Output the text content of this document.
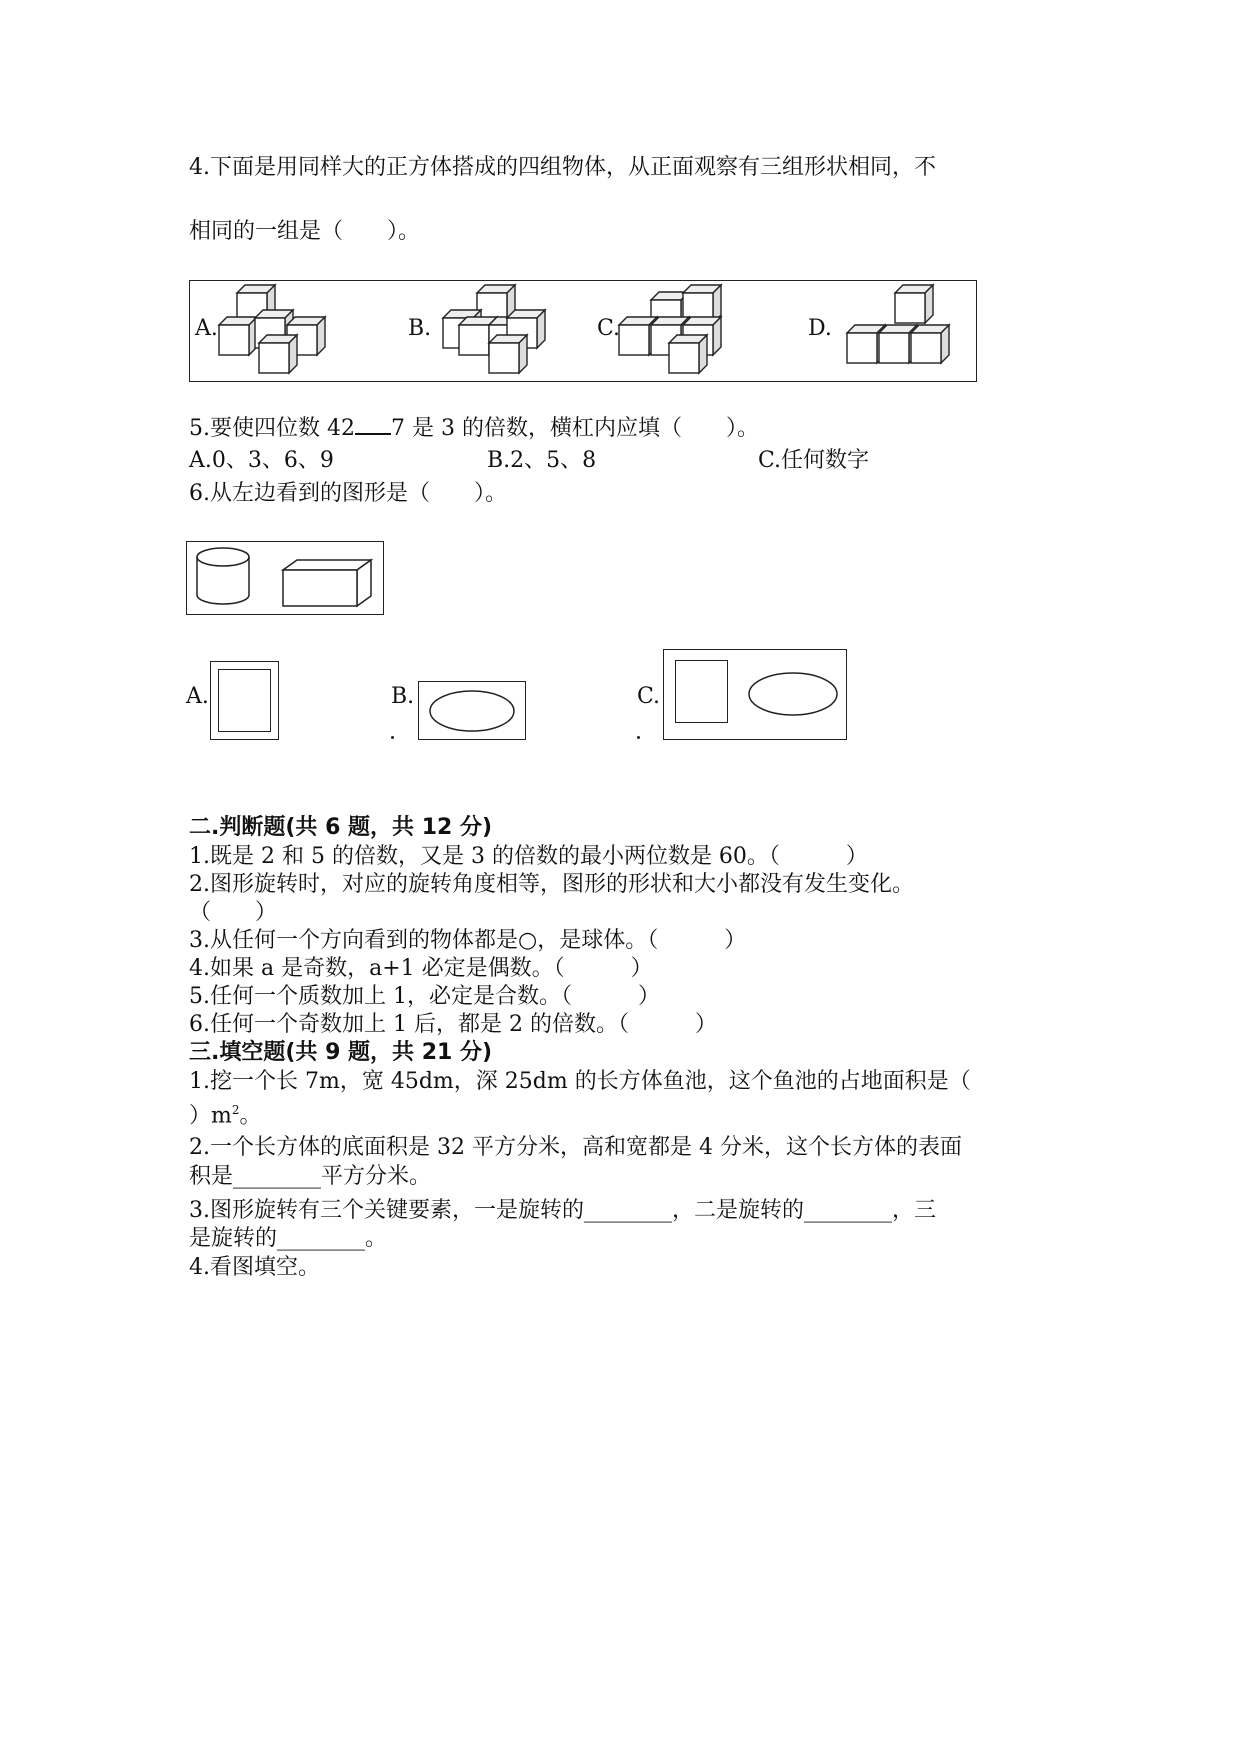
4.下面是用同样大的正方体搭成的四组物体，从正面观察有三组形状相同，不
相同的一组是（　　）。
A.	B.	C.	D.
5.要使四位数 42 7 是 3 的倍数，横杠内应填（　　）。
A.0、3、6、9	B.2、5、8	C.任何数字
6.从左边看到的图形是（　　）。
A.	B.	C.
二.判断题(共 6 题，共 12 分)
1.既是 2 和 5 的倍数，又是 3 的倍数的最小两位数是 60。（　　　）
2.图形旋转时，对应的旋转角度相等，图形的形状和大小都没有发生变化。
（　　）
3.从任何一个方向看到的物体都是○，是球体。（　　　）
4.如果 a 是奇数，a+1 必定是偶数。（　　　）
5.任何一个质数加上 1，必定是合数。（　　　）
6.任何一个奇数加上 1 后，都是 2 的倍数。（　　　）
三.填空题(共 9 题，共 21 分)
1.挖一个长 7m，宽 45dm，深 25dm 的长方体鱼池，这个鱼池的占地面积是（
）$m^2$。
2.一个长方体的底面积是 32 平方分米，高和宽都是 4 分米，这个长方体的表面
积是________平方分米。
3.图形旋转有三个关键要素，一是旋转的________，二是旋转的________，三
是旋转的________。
4.看图填空。
